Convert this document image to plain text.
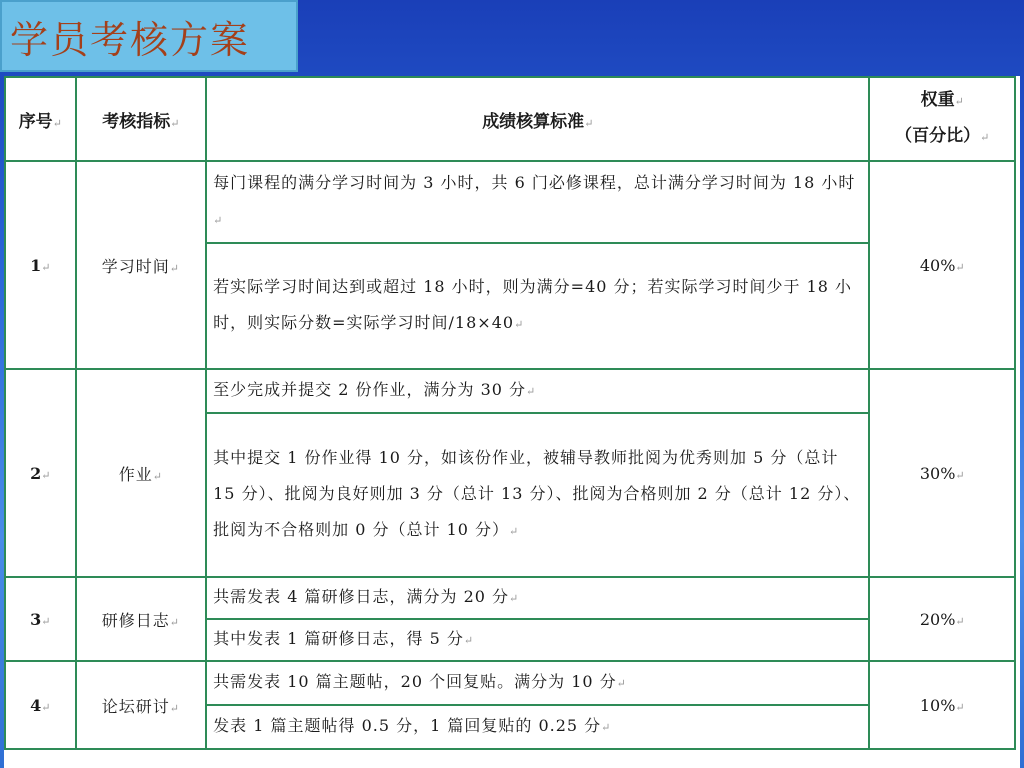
学员考核方案
序号↵	考核指标↵	成绩核算标准↵	权重↵
（百分比）↵
1↵	学习时间↵	每门课程的满分学习时间为 3 小时，共 6 门必修课程，总计满分学习时间为 18 小时↵	40%↵
		若实际学习时间达到或超过 18 小时，则为满分=40 分；若实际学习时间少于 18 小时，则实际分数=实际学习时间/18×40↵	
2↵	作业↵	至少完成并提交 2 份作业，满分为 30 分↵	30%↵
		其中提交 1 份作业得 10 分，如该份作业，被辅导教师批阅为优秀则加 5 分（总计 15 分）、批阅为良好则加 3 分（总计 13 分）、批阅为合格则加 2 分（总计 12 分）、批阅为不合格则加 0 分（总计 10 分）↵	
3↵	研修日志↵	共需发表 4 篇研修日志，满分为 20 分↵	20%↵
		其中发表 1 篇研修日志，得 5 分↵	
4↵	论坛研讨↵	共需发表 10 篇主题帖，20 个回复贴。满分为 10 分↵	10%↵
		发表 1 篇主题帖得 0.5 分，1 篇回复贴的 0.25 分↵	
